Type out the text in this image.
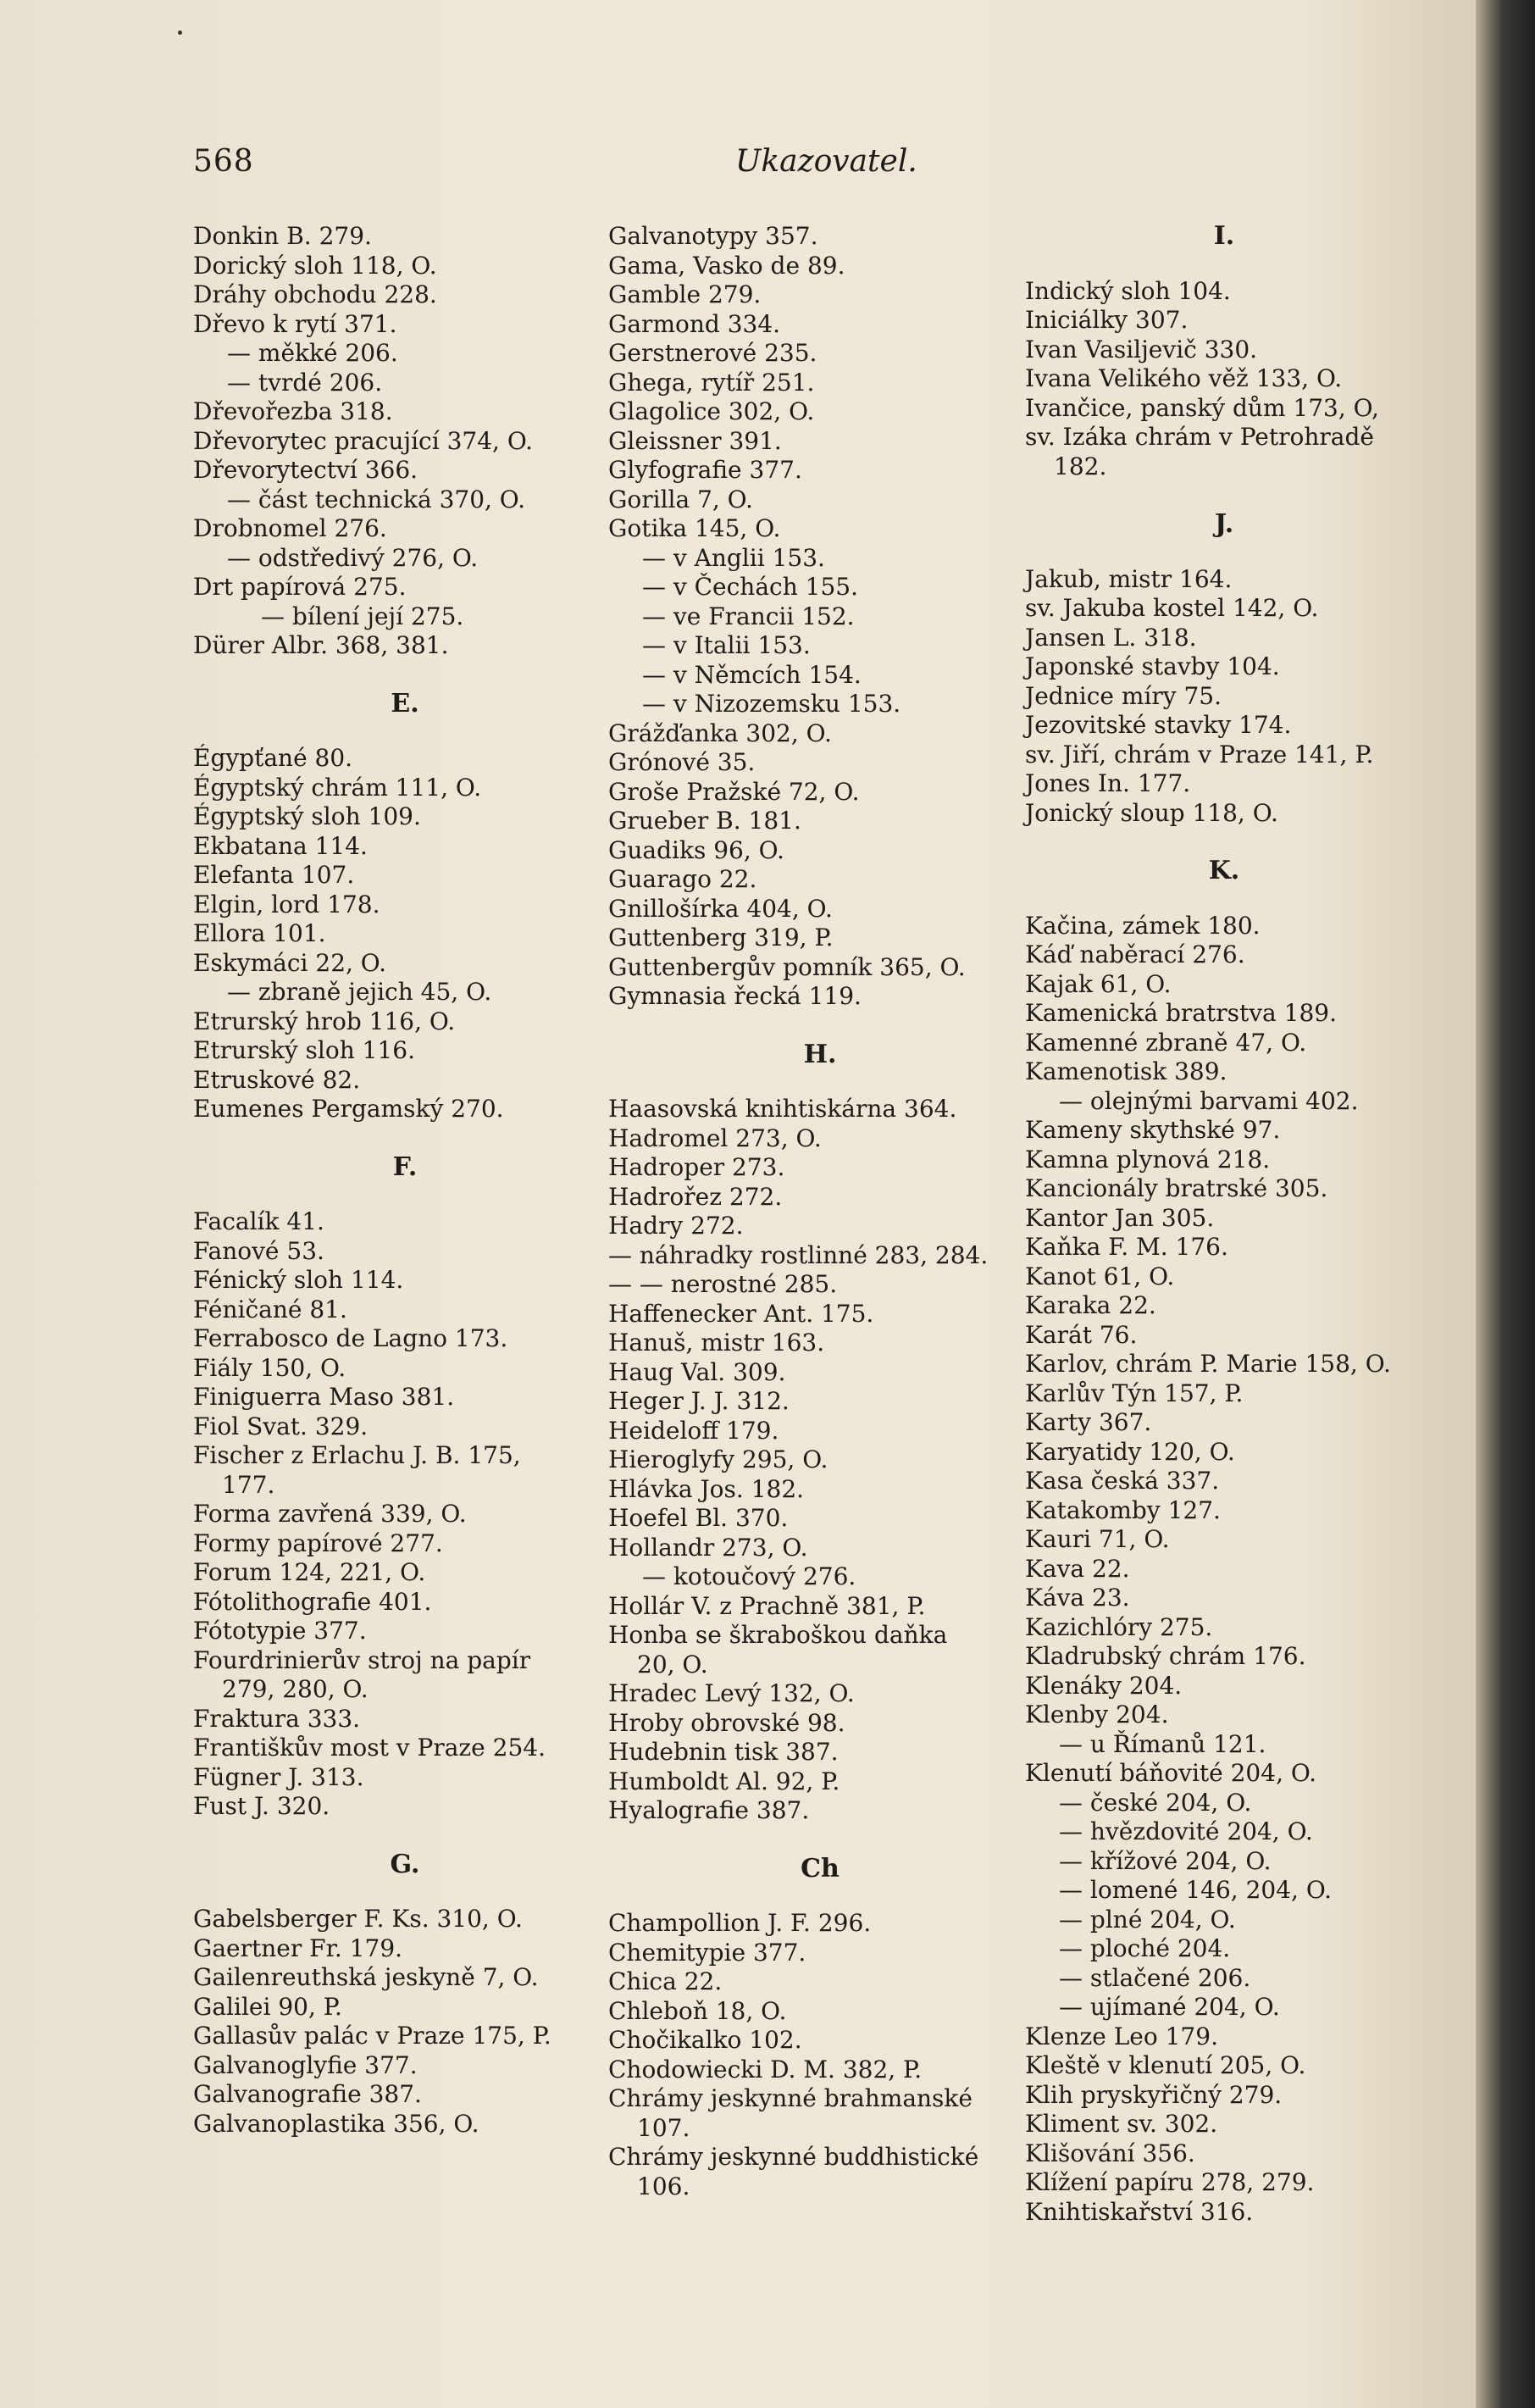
568	Ukazovatel.
Donkin B. 279.
Dorický sloh 118, O.
Dráhy obchodu 228.
Dřevo k rytí 371.
— měkké 206.
— tvrdé 206.
Dřevořezba 318.
Dřevorytec pracující 374, O.
Dřevorytectví 366.
— část technická 370, O.
Drobnomel 276.
— odstředivý 276, O.
Drt papírová 275.
— bílení její 275.
Dürer Albr. 368, 381.
E.
Égypťané 80.
Égyptský chrám 111, O.
Égyptský sloh 109.
Ekbatana 114.
Elefanta 107.
Elgin, lord 178.
Ellora 101.
Eskymáci 22, O.
— zbraně jejich 45, O.
Etrurský hrob 116, O.
Etrurský sloh 116.
Etruskové 82.
Eumenes Pergamský 270.
F.
Facalík 41.
Fanové 53.
Fénický sloh 114.
Féničané 81.
Ferrabosco de Lagno 173.
Fiály 150, O.
Finiguerra Maso 381.
Fiol Svat. 329.
Fischer z Erlachu J. B. 175,
177.
Forma zavřená 339, O.
Formy papírové 277.
Forum 124, 221, O.
Fótolithografie 401.
Fótotypie 377.
Fourdrinierův stroj na papír
279, 280, O.
Fraktura 333.
Františkův most v Praze 254.
Fügner J. 313.
Fust J. 320.
G.
Gabelsberger F. Ks. 310, O.
Gaertner Fr. 179.
Gailenreuthská jeskyně 7, O.
Galilei 90, P.
Gallasův palác v Praze 175, P.
Galvanoglyfie 377.
Galvanografie 387.
Galvanoplastika 356, O.
Galvanotypy 357.
Gama, Vasko de 89.
Gamble 279.
Garmond 334.
Gerstnerové 235.
Ghega, rytíř 251.
Glagolice 302, O.
Gleissner 391.
Glyfografie 377.
Gorilla 7, O.
Gotika 145, O.
— v Anglii 153.
— v Čechách 155.
— ve Francii 152.
— v Italii 153.
— v Němcích 154.
— v Nizozemsku 153.
Grážďanka 302, O.
Grónové 35.
Groše Pražské 72, O.
Grueber B. 181.
Guadiks 96, O.
Guarago 22.
Gnillošírka 404, O.
Guttenberg 319, P.
Guttenbergův pomník 365, O.
Gymnasia řecká 119.
H.
Haasovská knihtiskárna 364.
Hadromel 273, O.
Hadroper 273.
Hadrořez 272.
Hadry 272.
— náhradky rostlinné 283, 284.
— — nerostné 285.
Haffenecker Ant. 175.
Hanuš, mistr 163.
Haug Val. 309.
Heger J. J. 312.
Heideloff 179.
Hieroglyfy 295, O.
Hlávka Jos. 182.
Hoefel Bl. 370.
Hollandr 273, O.
— kotoučový 276.
Hollár V. z Prachně 381, P.
Honba se škraboškou daňka
20, O.
Hradec Levý 132, O.
Hroby obrovské 98.
Hudebnin tisk 387.
Humboldt Al. 92, P.
Hyalografie 387.
Ch
Champollion J. F. 296.
Chemitypie 377.
Chica 22.
Chleboň 18, O.
Chočikalko 102.
Chodowiecki D. M. 382, P.
Chrámy jeskynné brahmanské
107.
Chrámy jeskynné buddhistické
106.
I.
Indický sloh 104.
Iniciálky 307.
Ivan Vasiljevič 330.
Ivana Velikého věž 133, O.
Ivančice, panský dům 173, O,
sv. Izáka chrám v Petrohradě
182.
J.
Jakub, mistr 164.
sv. Jakuba kostel 142, O.
Jansen L. 318.
Japonské stavby 104.
Jednice míry 75.
Jezovitské stavky 174.
sv. Jiří, chrám v Praze 141, P.
Jones In. 177.
Jonický sloup 118, O.
K.
Kačina, zámek 180.
Káď naběrací 276.
Kajak 61, O.
Kamenická bratrstva 189.
Kamenné zbraně 47, O.
Kamenotisk 389.
— olejnými barvami 402.
Kameny skythské 97.
Kamna plynová 218.
Kancionály bratrské 305.
Kantor Jan 305.
Kaňka F. M. 176.
Kanot 61, O.
Karaka 22.
Karát 76.
Karlov, chrám P. Marie 158, O.
Karlův Týn 157, P.
Karty 367.
Karyatidy 120, O.
Kasa česká 337.
Katakomby 127.
Kauri 71, O.
Kava 22.
Káva 23.
Kazichlóry 275.
Kladrubský chrám 176.
Klenáky 204.
Klenby 204.
— u Římanů 121.
Klenutí báňovité 204, O.
— české 204, O.
— hvězdovité 204, O.
— křížové 204, O.
— lomené 146, 204, O.
— plné 204, O.
— ploché 204.
— stlačené 206.
— ujímané 204, O.
Klenze Leo 179.
Kleště v klenutí 205, O.
Klih pryskyřičný 279.
Kliment sv. 302.
Klišování 356.
Klížení papíru 278, 279.
Knihtiskařství 316.
